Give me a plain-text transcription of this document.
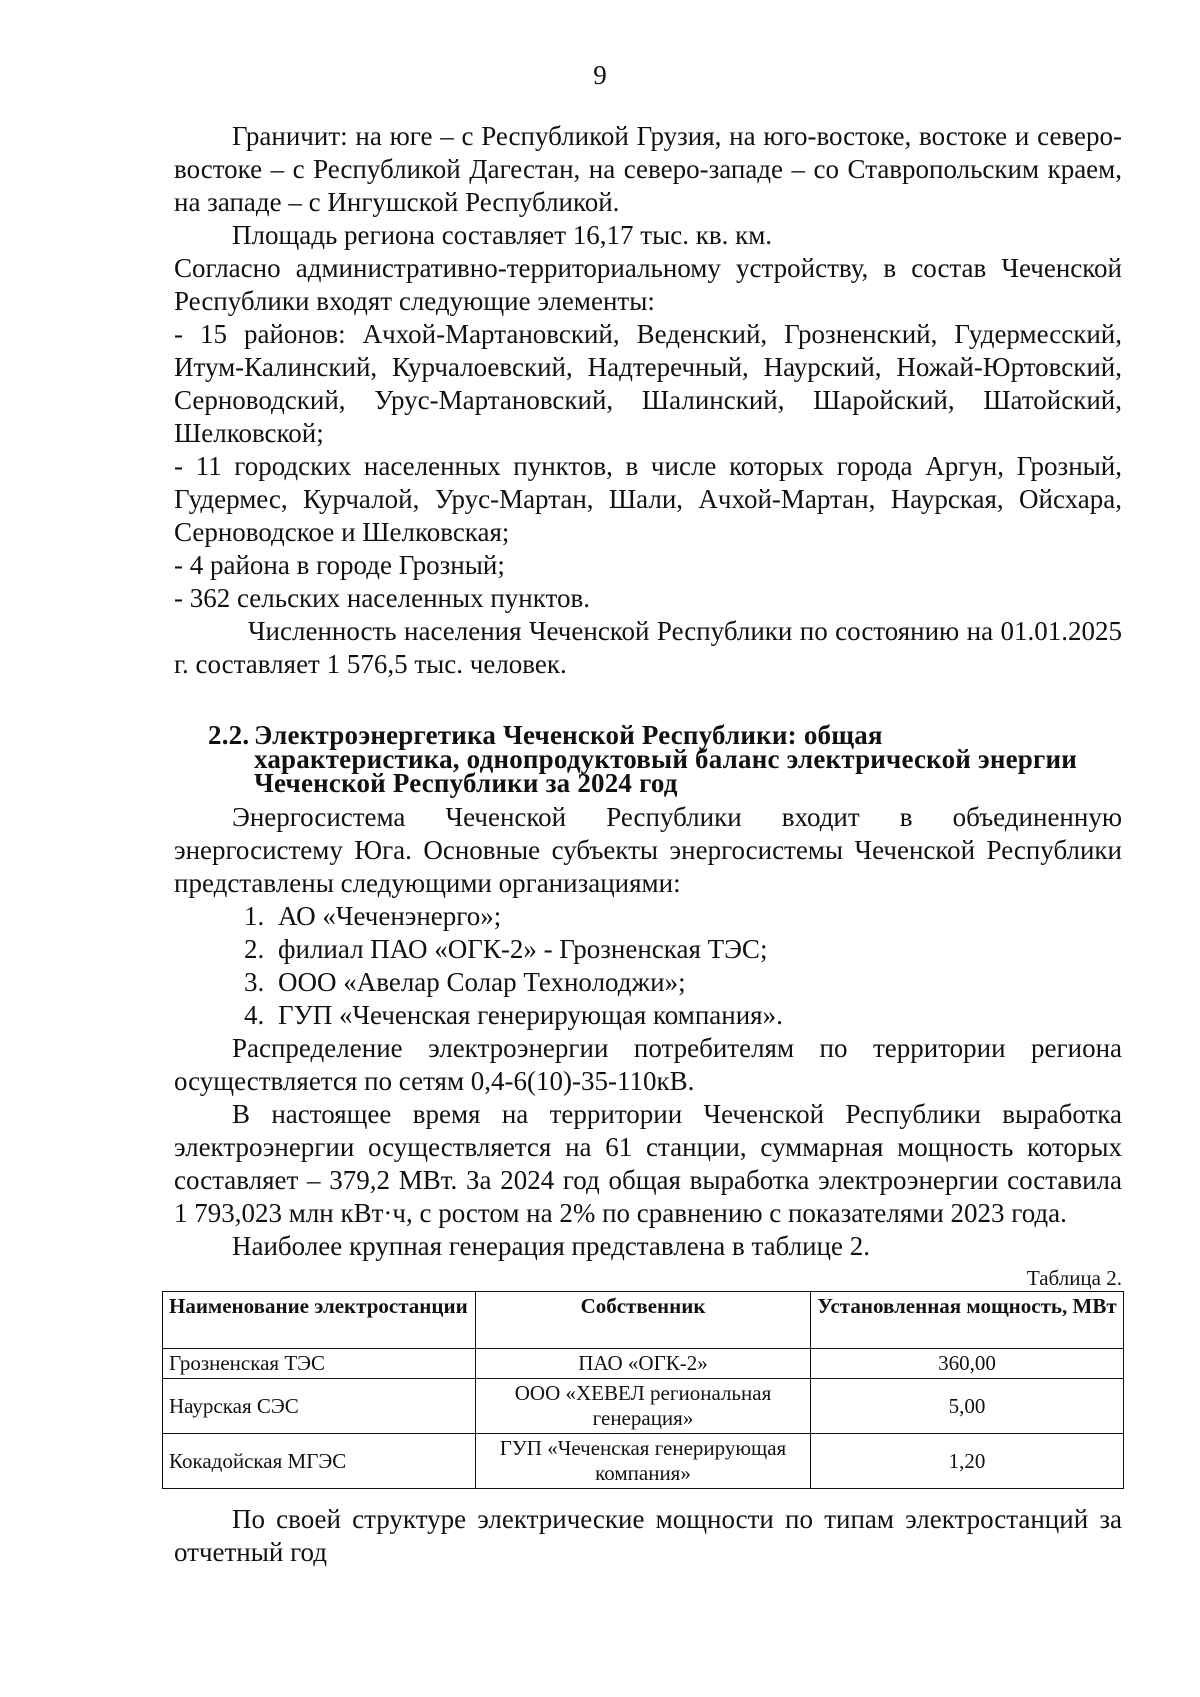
9

Граничит: на юге – с Республикой Грузия, на юго-востоке, востоке и северо-востоке – с Республикой Дагестан, на северо-западе – со Ставропольским краем, на западе – с Ингушской Республикой.

Площадь региона составляет 16,17 тыс. кв. км.

Согласно административно-территориальному устройству, в состав Чеченской Республики входят следующие элементы:

- 15 районов: Ачхой-Мартановский, Веденский, Грозненский, Гудермесский, Итум-Калинский, Курчалоевский, Надтеречный, Наурский, Ножай-Юртовский, Серноводский, Урус-Мартановский, Шалинский, Шаройский, Шатойский, Шелковской;

- 11 городских населенных пунктов, в числе которых города Аргун, Грозный, Гудермес, Курчалой, Урус-Мартан, Шали, Ачхой-Мартан, Наурская, Ойсхара, Серноводское и Шелковская;

- 4 района в городе Грозный;

- 362 сельских населенных пунктов.

Численность населения Чеченской Республики по состоянию на 01.01.2025 г. составляет 1 576,5 тыс. человек.

2.2. Электроэнергетика Чеченской Республики: общая
характеристика, однопродуктовый баланс электрической энергии
Чеченской Республики за 2024 год

Энергосистема Чеченской Республики входит в объединенную энергосистему Юга. Основные субъекты энергосистемы Чеченской Республики представлены следующими организациями:

1. АО «Чеченэнерго»;
2. филиал ПАО «ОГК-2» - Грозненская ТЭС;
3. ООО «Авелар Солар Технолоджи»;
4. ГУП «Чеченская генерирующая компания».

Распределение электроэнергии потребителям по территории региона осуществляется по сетям 0,4-6(10)-35-110кВ.

В настоящее время на территории Чеченской Республики выработка электроэнергии осуществляется на 61 станции, суммарная мощность которых составляет – 379,2 МВт. За 2024 год общая выработка электроэнергии составила 1 793,023 млн кВт·ч, с ростом на 2% по сравнению с показателями 2023 года.

Наиболее крупная генерация представлена в таблице 2.

Таблица 2.
Наименование электростанции	Собственник	Установленная мощность, МВт
Грозненская ТЭС	ПАО «ОГК-2»	360,00
Наурская СЭС	ООО «ХЕВЕЛ региональная генерация»	5,00
Кокадойская МГЭС	ГУП «Чеченская генерирующая компания»	1,20

По своей структуре электрические мощности по типам электростанций за отчетный год
